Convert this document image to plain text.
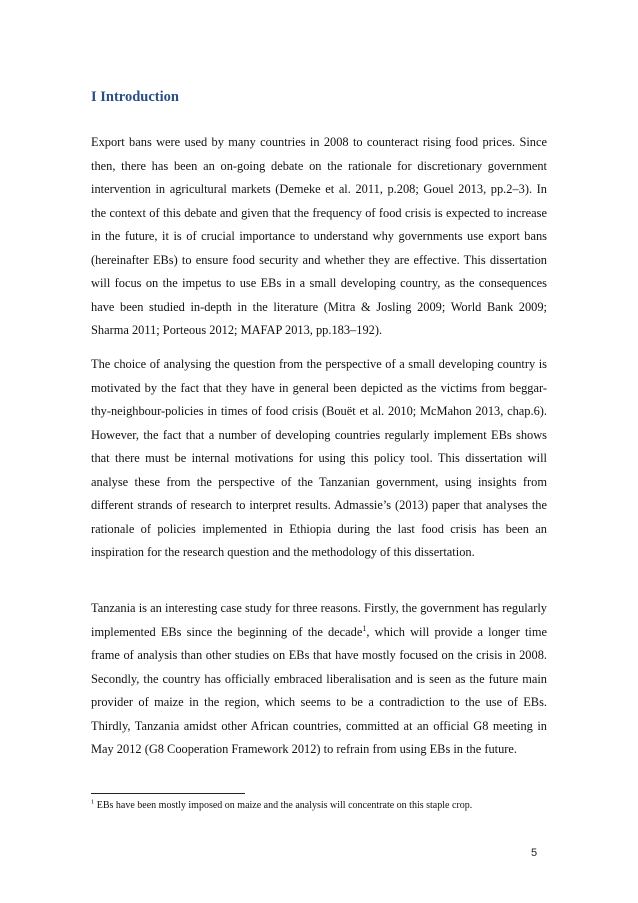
I Introduction

Export bans were used by many countries in 2008 to counteract rising food prices. Since then, there has been an on-going debate on the rationale for discretionary government intervention in agricultural markets (Demeke et al. 2011, p.208; Gouel 2013, pp.2–3). In the context of this debate and given that the frequency of food crisis is expected to increase in the future, it is of crucial importance to understand why governments use export bans (hereinafter EBs) to ensure food security and whether they are effective. This dissertation will focus on the impetus to use EBs in a small developing country, as the consequences have been studied in-depth in the literature (Mitra & Josling 2009; World Bank 2009; Sharma 2011; Porteous 2012; MAFAP 2013, pp.183–192).

The choice of analysing the question from the perspective of a small developing country is motivated by the fact that they have in general been depicted as the victims from beggar-thy-neighbour-policies in times of food crisis (Bouët et al. 2010; McMahon 2013, chap.6). However, the fact that a number of developing countries regularly implement EBs shows that there must be internal motivations for using this policy tool. This dissertation will analyse these from the perspective of the Tanzanian government, using insights from different strands of research to interpret results. Admassie’s (2013) paper that analyses the rationale of policies implemented in Ethiopia during the last food crisis has been an inspiration for the research question and the methodology of this dissertation.

Tanzania is an interesting case study for three reasons. Firstly, the government has regularly implemented EBs since the beginning of the decade$^1$, which will provide a longer time frame of analysis than other studies on EBs that have mostly focused on the crisis in 2008. Secondly, the country has officially embraced liberalisation and is seen as the future main provider of maize in the region, which seems to be a contradiction to the use of EBs. Thirdly, Tanzania amidst other African countries, committed at an official G8 meeting in May 2012 (G8 Cooperation Framework 2012) to refrain from using EBs in the future.

$^1$ EBs have been mostly imposed on maize and the analysis will concentrate on this staple crop.

5
